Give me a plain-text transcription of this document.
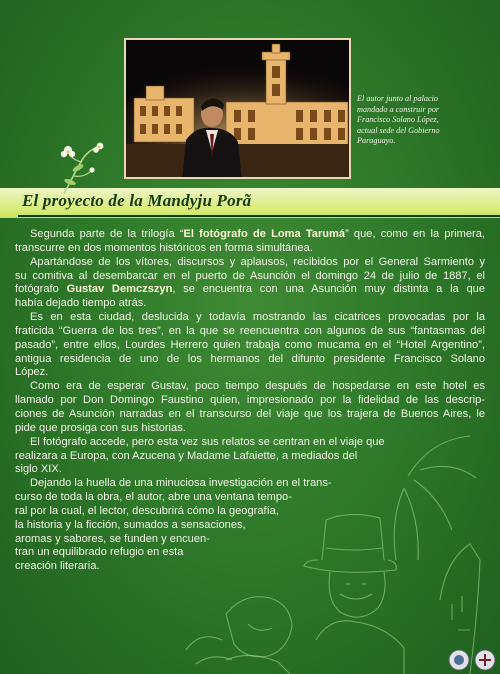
El autor junto al palacio
mandado a construir por
Francisco Solano López,
actual sede del Gobierno
Paraguayo.
El proyecto de la Mandyju Porã
Segunda parte de la trilogía “El fotógrafo de Loma Tarumá” que, como en la primera,
transcurre en dos momentos históricos en forma simultánea.
Apartándose de los vítores, discursos y aplausos, recibidos por el General Sarmiento y
su comitiva al desembarcar en el puerto de Asunción el domingo 24 de julio de 1887, el
fotógrafo Gustav Demczszyn, se encuentra con una Asunción muy distinta a la que
había dejado tiempo atrás.
Es en esta ciudad, deslucida y todavía mostrando las cicatrices provocadas por la
fraticida “Guerra de los tres”, en la que se reencuentra con algunos de sus “fantasmas del
pasado”, entre ellos, Lourdes Herrero quien trabaja como mucama en el “Hotel Argentino”,
antigua residencia de uno de los hermanos del difunto presidente Francisco Solano
López.
Como era de esperar Gustav, poco tiempo después de hospedarse en este hotel es
llamado por Don Domingo Faustino quien, impresionado por la fidelidad de las descrip-
ciones de Asunción narradas en el transcurso del viaje que los trajera de Buenos Aires, le
pide que prosiga con sus historias.
El fotógrafo accede, pero esta vez sus relatos se centran en el viaje que
realizara a Europa, con Azucena y Madame Lafaiette, a mediados del
siglo XIX.
Dejando la huella de una minuciosa investigación en el trans-
curso de toda la obra, el autor, abre una ventana tempo-
ral por la cual, el lector, descubrirá cómo la geografía,
la historia y la ficción, sumados a sensaciones,
aromas y sabores, se funden y encuen-
tran un equilibrado refugio en esta
creación literaria.
